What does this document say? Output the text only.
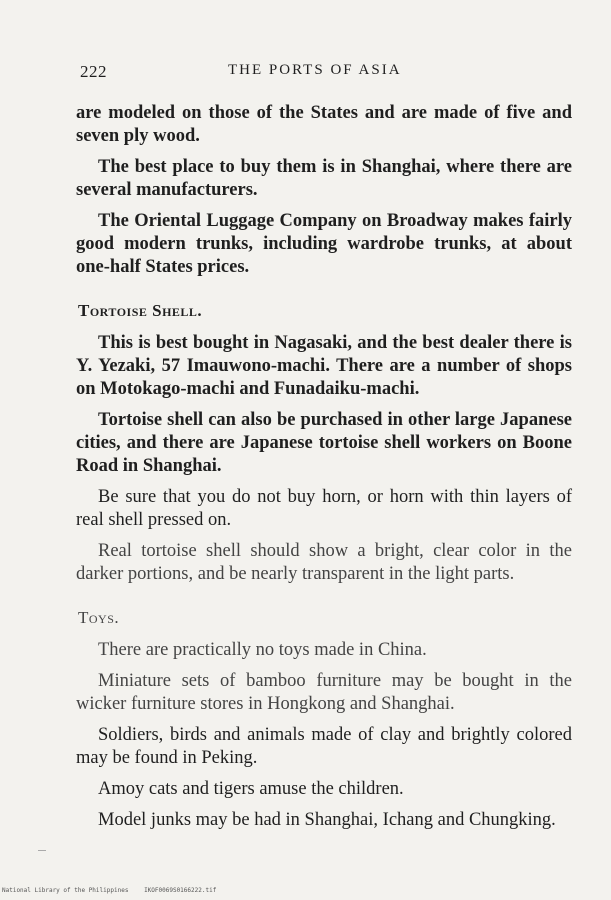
222	THE PORTS OF ASIA

are modeled on those of the States and are made of five and seven ply wood.

The best place to buy them is in Shanghai, where there are several manufacturers.

The Oriental Luggage Company on Broadway makes fairly good modern trunks, including wardrobe trunks, at about one-half States prices.

Tortoise Shell.

This is best bought in Nagasaki, and the best dealer there is Y. Yezaki, 57 Imauwono-machi. There are a number of shops on Motokago-machi and Funadaiku-machi.

Tortoise shell can also be purchased in other large Japanese cities, and there are Japanese tortoise shell workers on Boone Road in Shanghai.

Be sure that you do not buy horn, or horn with thin layers of real shell pressed on.

Real tortoise shell should show a bright, clear color in the darker portions, and be nearly transparent in the light parts.

Toys.

There are practically no toys made in China.

Miniature sets of bamboo furniture may be bought in the wicker furniture stores in Hongkong and Shanghai.

Soldiers, birds and animals made of clay and brightly colored may be found in Peking.

Amoy cats and tigers amuse the children.

Model junks may be had in Shanghai, Ichang and Chungking.

National Library of the Philippines	IKOF0069S0166222.tif
